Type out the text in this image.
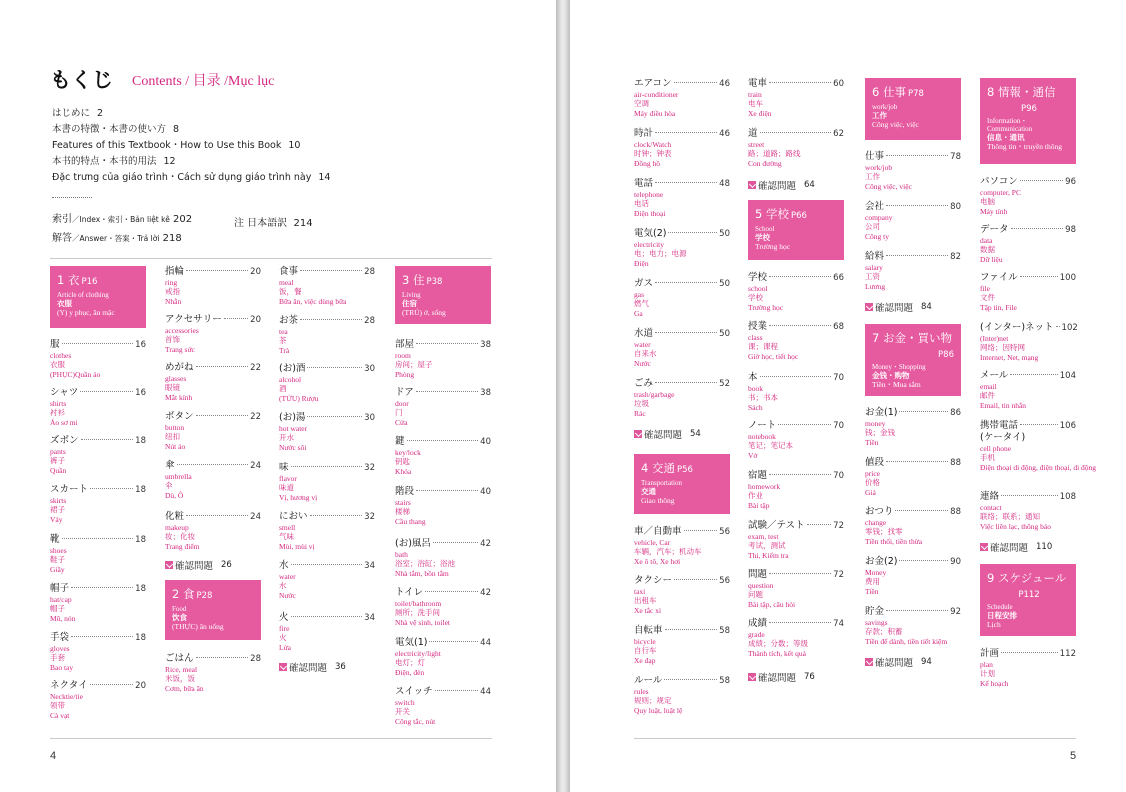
もくじ Contents / 目录 /Mục lục
はじめに 2
本書の特徴・本書の使い方 8
Features of this Textbook・How to Use this Book 10
本书的特点・本书的用法 12
Đặc trưng của giáo trình・Cách sử dụng giáo trình này 14
索引／Index・索引・Bản liệt kê 202
解答／Answer・答案・Trả lời 218
注 日本語訳 214
4
1 衣 P16
Article of clothing
衣服
(Y) y phục, ăn mặc
服	16
clothes
衣服
(PHỤC)Quần áo
シャツ	16
shirts
衬衫
Áo sơ mi
ズボン	18
pants
裤子
Quần
スカート	18
skirts
裙子
Váy
靴	18
shoes
鞋子
Giầy
帽子	18
hat/cap
帽子
Mũ, nón
手袋	18
gloves
手套
Bao tay
ネクタイ	20
Necktie/tie
领带
Cà vạt
指輪	20
ring
戒指
Nhẫn
アクセサリー	20
accessories
首饰
Trang sức
めがね	22
glasses
眼镜
Mắt kính
ボタン	22
button
纽扣
Nút áo
傘	24
umbrella
伞
Dù, Ô
化粧	24
makeup
妆；化妆
Trang điểm
確認問題 26
2 食 P28
Food
饮食
(THỰC) ăn uống
ごはん	28
Rice, meal
米饭，饭
Cơm, bữa ăn
食事	28
meal
饭，餐
Bữa ăn, việc dùng bữa
お茶	28
tea
茶
Trà
(お)酒	30
alcohol
酒
(TỬU) Rượu
(お)湯	30
hot water
开水
Nước sôi
味	32
flavor
味道
Vị, hương vị
におい	32
smell
气味
Mùi, mùi vị
水	34
water
水
Nước
火	34
fire
火
Lửa
確認問題 36
3 住 P38
Living
住宿
(TRÚ) ở, sống
部屋	38
room
房间；屋子
Phòng
ドア	38
door
门
Cửa
鍵	40
key/lock
钥匙
Khóa
階段	40
stairs
楼梯
Cầu thang
(お)風呂	42
bath
浴室；浴缸；浴池
Nhà tắm, bồn tắm
トイレ	42
toilet/bathroom
厕所；洗手间
Nhà vệ sinh, toilet
電気(1)	44
electricity/light
电灯；灯
Điện, đèn
スイッチ	44
switch
开关
Công tắc, nút
5
エアコン	46
air-conditioner
空调
Máy điều hòa
時計	46
clock/Watch
时钟；钟表
Đồng hồ
電話	48
telephone
电话
Điện thoại
電気(2)	50
electricity
电；电力；电源
Điện
ガス	50
gas
燃气
Ga
水道	50
water
自来水
Nước
ごみ	52
trash/garbage
垃圾
Rác
確認問題 54
4 交通 P56
Transportation
交通
Giao thông
車／自動車	56
vehicle, Car
车辆，汽车；机动车
Xe ô tô, Xe hơi
タクシー	56
taxi
出租车
Xe tắc xi
自転車	58
bicycle
自行车
Xe đạp
ルール	58
rules
规则；规定
Quy luật, luật lệ
電車	60
train
电车
Xe điện
道	62
street
路；道路；路线
Con đường
確認問題 64
5 学校 P66
School
学校
Trường học
学校	66
school
学校
Trường học
授業	68
class
课；课程
Giờ học, tiết học
本	70
book
书；书本
Sách
ノート	70
notebook
笔记；笔记本
Vở
宿題	70
homework
作业
Bài tập
試験／テスト	72
exam, test
考试，测试
Thi, Kiểm tra
問題	72
question
问题
Bài tập, câu hỏi
成績	74
grade
成绩；分数；等级
Thành tích, kết quả
確認問題 76
6 仕事 P78
work/job
工作
Công việc, việc
仕事	78
work/job
工作
Công việc, việc
会社	80
company
公司
Công ty
給料	82
salary
工资
Lương
確認問題 84
7 お金・買い物
P86
Money・Shopping
金钱・购物
Tiền・Mua sắm
お金(1)	86
money
钱；金钱
Tiền
値段	88
price
价格
Giá
おつり	88
change
零钱；找零
Tiền thối, tiền thừa
お金(2)	90
Money
费用
Tiền
貯金	92
savings
存款；积蓄
Tiền để dành, tiền tiết kiệm
確認問題 94
8 情報・通信
P96
Information・Communication
信息・通讯
Thông tin・truyền thông
パソコン	96
computer, PC
电脑
Máy tính
データ	98
data
数据
Dữ liệu
ファイル	100
file
文件
Tập tin, File
(インター)ネット 102
(Inter)net
网络；因特网
Internet, Net, mạng
メール	104
email
邮件
Email, tin nhắn
携帯電話	106
(ケータイ)
cell phone
手机
Điện thoại di động, điện thoại, di động
連絡	108
contact
联络；联系；通知
Việc liên lạc, thông báo
確認問題 110
9 スケジュール
P112
Schedule
日程安排
Lịch
計画	112
plan
计划
Kế hoạch
